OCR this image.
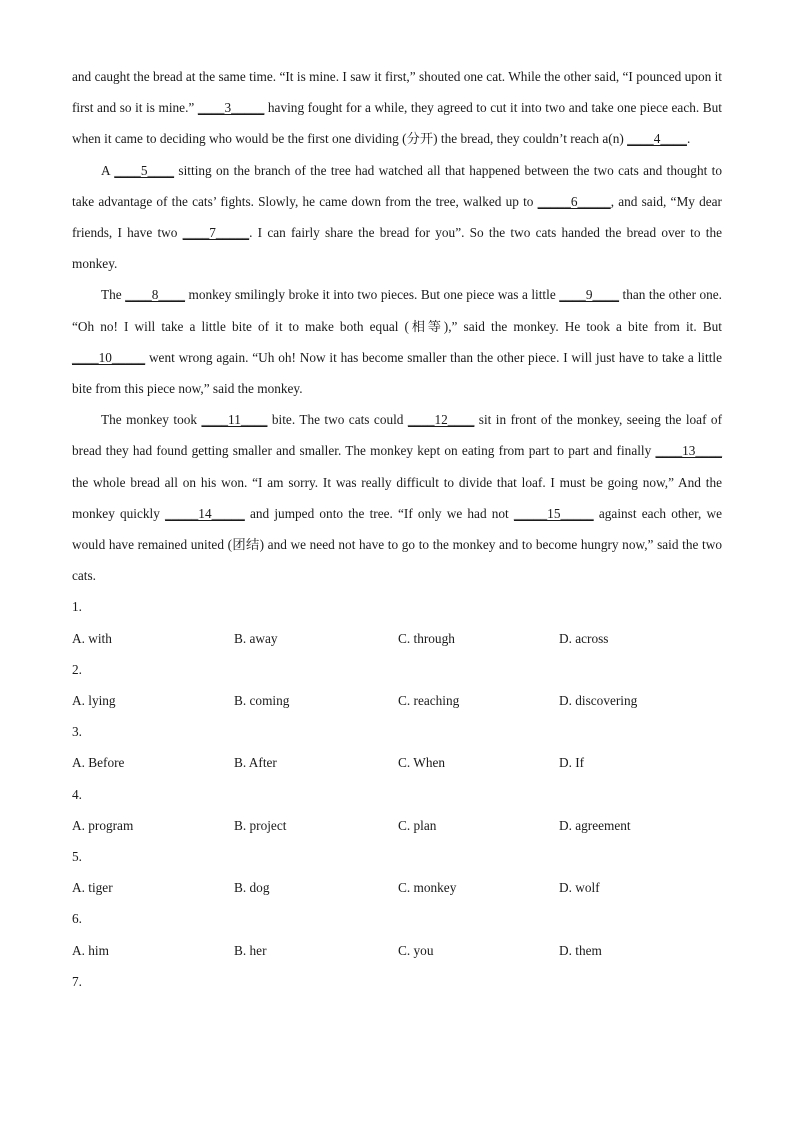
and caught the bread at the same time. “It is mine. I saw it first,” shouted one cat. While the other said, “I pounced upon it first and so it is mine.” ____3_____ having fought for a while, they agreed to cut it into two and take one piece each. But when it came to deciding who would be the first one dividing (分开) the bread, they couldn’t reach a(n) ____4____.

A ____5____ sitting on the branch of the tree had watched all that happened between the two cats and thought to take advantage of the cats’ fights. Slowly, he came down from the tree, walked up to _____6_____, and said, “My dear friends, I have two ____7_____. I can fairly share the bread for you”. So the two cats handed the bread over to the monkey.

The ____8____ monkey smilingly broke it into two pieces. But one piece was a little ____9____ than the other one. “Oh no! I will take a little bite of it to make both equal (相等),” said the monkey. He took a bite from it. But ____10_____ went wrong again. “Uh oh! Now it has become smaller than the other piece. I will just have to take a little bite from this piece now,” said the monkey.

The monkey took ____11____ bite. The two cats could ____12____ sit in front of the monkey, seeing the loaf of bread they had found getting smaller and smaller. The monkey kept on eating from part to part and finally ____13____ the whole bread all on his won. “I am sorry. It was really difficult to divide that loaf. I must be going now,” And the monkey quickly _____14_____ and jumped onto the tree. “If only we had not _____15_____ against each other, we would have remained united (团结) and we need not have to go to the monkey and to become hungry now,” said the two cats.

1.
A. with	B. away	C. through	D. across
2.
A. lying	B. coming	C. reaching	D. discovering
3.
A. Before	B. After	C. When	D. If
4.
A. program	B. project	C. plan	D. agreement
5.
A. tiger	B. dog	C. monkey	D. wolf
6.
A. him	B. her	C. you	D. them
7.
